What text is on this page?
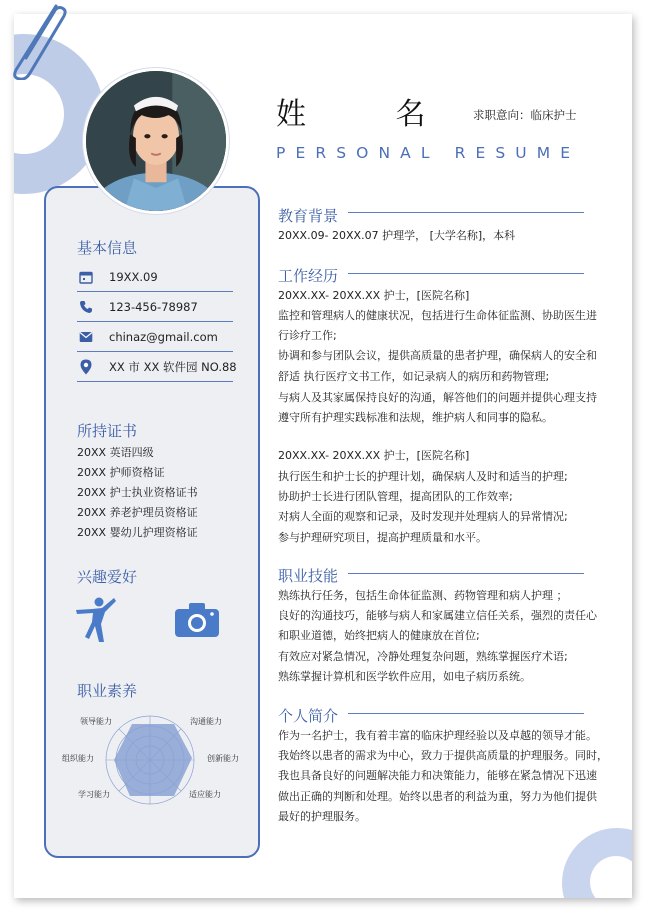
基本信息
19XX.09
123-456-78987
chinaz@gmail.com
XX 市 XX 软件园 NO.88
所持证书
20XX 英语四级
20XX 护师资格证
20XX 护士执业资格证书
20XX 养老护理员资格证
20XX 婴幼儿护理资格证
兴趣爱好
职业素养
领导能力	沟通能力
组织能力	创新能力
学习能力	适应能力
姓 名 求职意向：临床护士
PERSONAL RESUME
教育背景
20XX.09- 20XX.07 护理学， [大学名称]，本科
工作经历
20XX.XX- 20XX.XX 护士，[医院名称]
监控和管理病人的健康状况，包括进行生命体征监测、协助医生进
行诊疗工作;
协调和参与团队会议，提供高质量的患者护理，确保病人的安全和
舒适 执行医疗文书工作，如记录病人的病历和药物管理;
与病人及其家属保持良好的沟通，解答他们的问题并提供心理支持
遵守所有护理实践标准和法规，维护病人和同事的隐私。
20XX.XX- 20XX.XX 护士，[医院名称]
执行医生和护士长的护理计划，确保病人及时和适当的护理;
协助护士长进行团队管理，提高团队的工作效率;
对病人全面的观察和记录，及时发现并处理病人的异常情况;
参与护理研究项目，提高护理质量和水平。
职业技能
熟练执行任务，包括生命体征监测、药物管理和病人护理 ；
良好的沟通技巧，能够与病人和家属建立信任关系，强烈的责任心
和职业道德，始终把病人的健康放在首位;
有效应对紧急情况，冷静处理复杂问题，熟练掌握医疗术语;
熟练掌握计算机和医学软件应用，如电子病历系统。
个人简介
作为一名护士，我有着丰富的临床护理经验以及卓越的领导才能。
我始终以患者的需求为中心，致力于提供高质量的护理服务。同时，
我也具备良好的问题解决能力和决策能力，能够在紧急情况下迅速
做出正确的判断和处理。始终以患者的利益为重，努力为他们提供
最好的护理服务。
